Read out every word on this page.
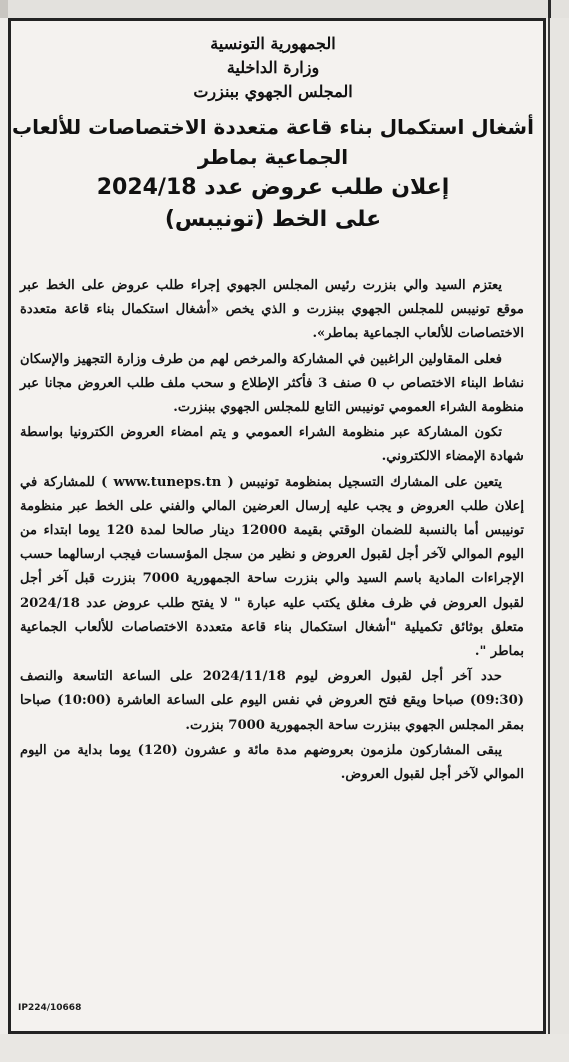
الجمهورية التونسية
وزارة الداخلية
المجلس الجهوي ببنزرت
أشغال استكمال بناء قاعة متعددة الاختصاصات للألعاب الجماعية بماطر
إعلان طلب عروض عدد 2024/18
على الخط (تونيبس)

يعتزم السيد والي بنزرت رئيس المجلس الجهوي إجراء طلب عروض على الخط عبر موقع تونيبس للمجلس الجهوي ببنزرت و الذي يخص «أشغال استكمال بناء قاعة متعددة الاختصاصات للألعاب الجماعية بماطر».

فعلى المقاولين الراغبين في المشاركة والمرخص لهم من طرف وزارة التجهيز والإسكان نشاط البناء الاختصاص ب 0 صنف 3 فأكثر الإطلاع و سحب ملف طلب العروض مجانا عبر منظومة الشراء العمومي تونيبس التابع للمجلس الجهوي ببنزرت.

تكون المشاركة عبر منظومة الشراء العمومي و يتم امضاء العروض الكترونيا بواسطة شهادة الإمضاء الالكتروني.

يتعين على المشارك التسجيل بمنظومة تونيبس ( www.tuneps.tn ) للمشاركة في إعلان طلب العروض و يجب عليه إرسال العرضين المالي والفني على الخط عبر منظومة تونيبس أما بالنسبة للضمان الوقتي بقيمة 12000 دينار صالحا لمدة 120 يوما ابتداء من اليوم الموالي لآخر أجل لقبول العروض و نظير من سجل المؤسسات فيجب ارسالهما حسب الإجراءات المادية باسم السيد والي بنزرت ساحة الجمهورية 7000 بنزرت قبل آخر أجل لقبول العروض في ظرف مغلق يكتب عليه عبارة " لا يفتح طلب عروض عدد 2024/18 متعلق بوثائق تكميلية "أشغال استكمال بناء قاعة متعددة الاختصاصات للألعاب الجماعية بماطر ".

حدد آخر أجل لقبول العروض ليوم 2024/11/18 على الساعة التاسعة والنصف (09:30) صباحا ويقع فتح العروض في نفس اليوم على الساعة العاشرة (10:00) صباحا بمقر المجلس الجهوي ببنزرت ساحة الجمهورية 7000 بنزرت.

يبقى المشاركون ملزمون بعروضهم مدة مائة و عشرون (120) يوما بداية من اليوم الموالي لآخر أجل لقبول العروض.

IP224/10668
